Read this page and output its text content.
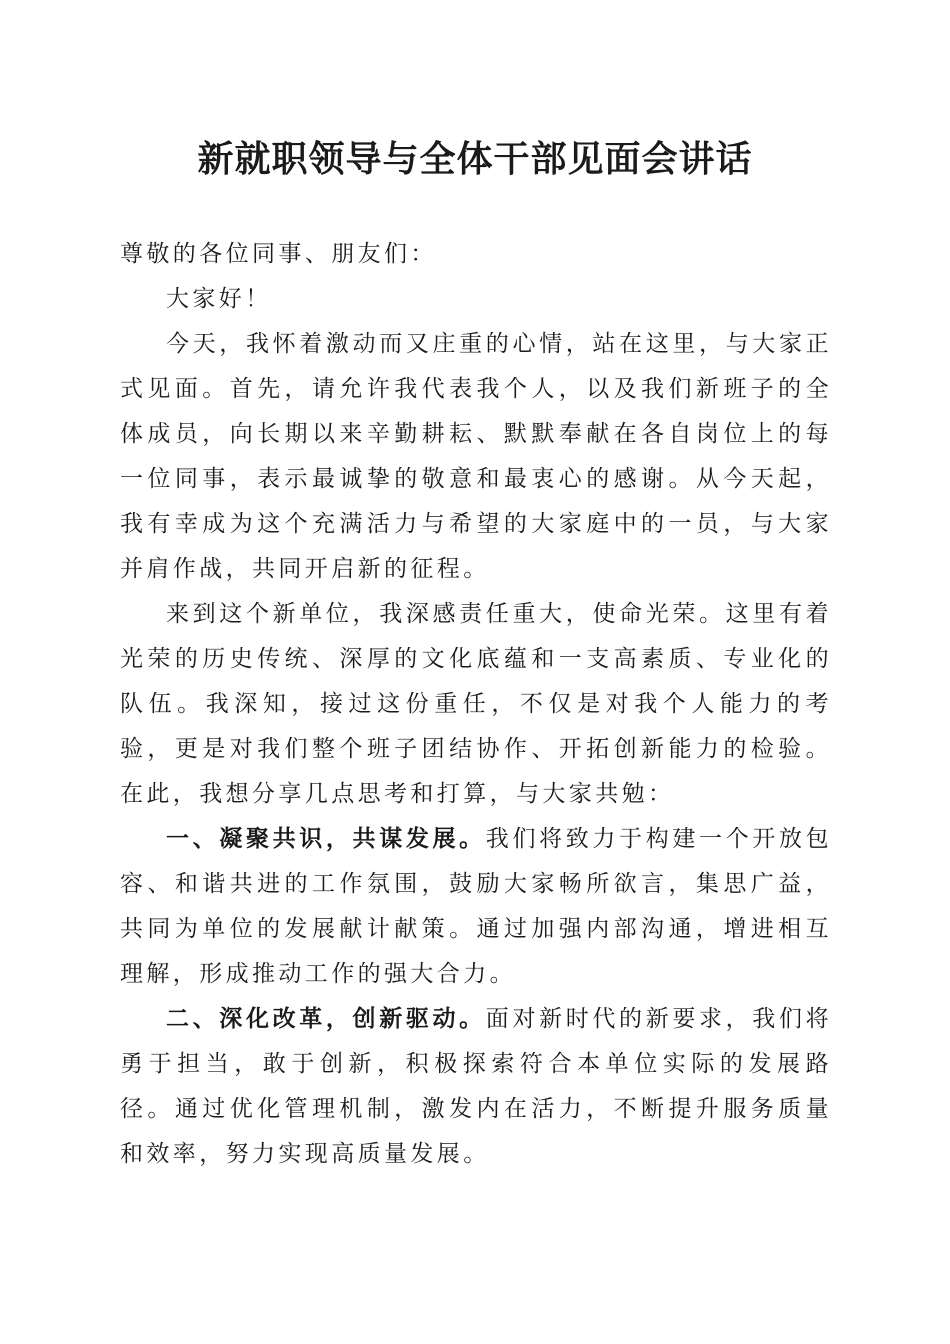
新就职领导与全体干部见面会讲话

尊敬的各位同事、朋友们：

大家好！

今天，我怀着激动而又庄重的心情，站在这里，与大家正式见面。首先，请允许我代表我个人，以及我们新班子的全体成员，向长期以来辛勤耕耘、默默奉献在各自岗位上的每一位同事，表示最诚挚的敬意和最衷心的感谢。从今天起，我有幸成为这个充满活力与希望的大家庭中的一员，与大家并肩作战，共同开启新的征程。

来到这个新单位，我深感责任重大，使命光荣。这里有着光荣的历史传统、深厚的文化底蕴和一支高素质、专业化的队伍。我深知，接过这份重任，不仅是对我个人能力的考验，更是对我们整个班子团结协作、开拓创新能力的检验。在此，我想分享几点思考和打算，与大家共勉：

一、凝聚共识，共谋发展。我们将致力于构建一个开放包容、和谐共进的工作氛围，鼓励大家畅所欲言，集思广益，共同为单位的发展献计献策。通过加强内部沟通，增进相互理解，形成推动工作的强大合力。

二、深化改革，创新驱动。面对新时代的新要求，我们将勇于担当，敢于创新，积极探索符合本单位实际的发展路径。通过优化管理机制，激发内在活力，不断提升服务质量和效率，努力实现高质量发展。
